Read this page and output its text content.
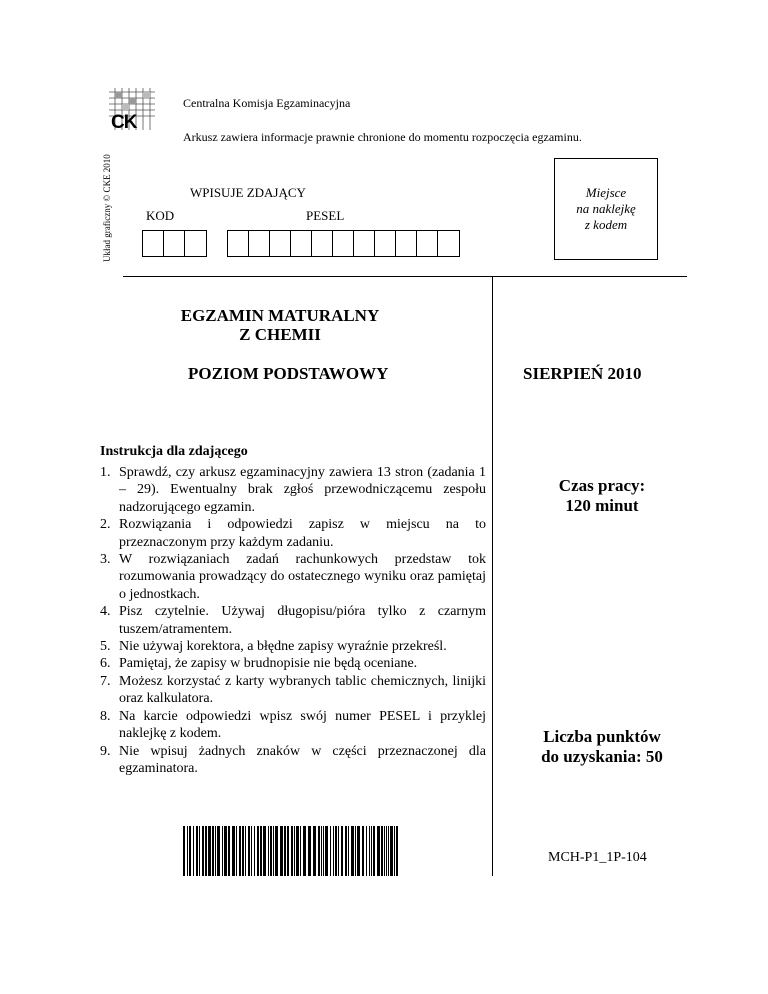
CK
Centralna Komisja Egzaminacyjna
Arkusz zawiera informacje prawnie chronione do momentu rozpoczęcia egzaminu.
Układ graficzny © CKE 2010	WPISUJE ZDAJĄCY
KOD	PESEL
Miejsce
na naklejkę
z kodem
EGZAMIN MATURALNY
Z CHEMII
POZIOM PODSTAWOWY	SIERPIEŃ 2010
Instrukcja dla zdającego
1. Sprawdź, czy arkusz egzaminacyjny zawiera 13 stron (zadania 1 – 29). Ewentualny brak zgłoś przewodniczącemu zespołu nadzorującego egzamin.
2. Rozwiązania i odpowiedzi zapisz w miejscu na to przeznaczonym przy każdym zadaniu.
3. W rozwiązaniach zadań rachunkowych przedstaw tok rozumowania prowadzący do ostatecznego wyniku oraz pamiętaj o jednostkach.
4. Pisz czytelnie. Używaj długopisu/pióra tylko z czarnym tuszem/atramentem.
5. Nie używaj korektora, a błędne zapisy wyraźnie przekreśl.
6. Pamiętaj, że zapisy w brudnopisie nie będą oceniane.
7. Możesz korzystać z karty wybranych tablic chemicznych, linijki oraz kalkulatora.
8. Na karcie odpowiedzi wpisz swój numer PESEL i przyklej naklejkę z kodem.
9. Nie wpisuj żadnych znaków w części przeznaczonej dla egzaminatora.
Czas pracy:
120 minut
Liczba punktów
do uzyskania: 50
MCH-P1_1P-104
